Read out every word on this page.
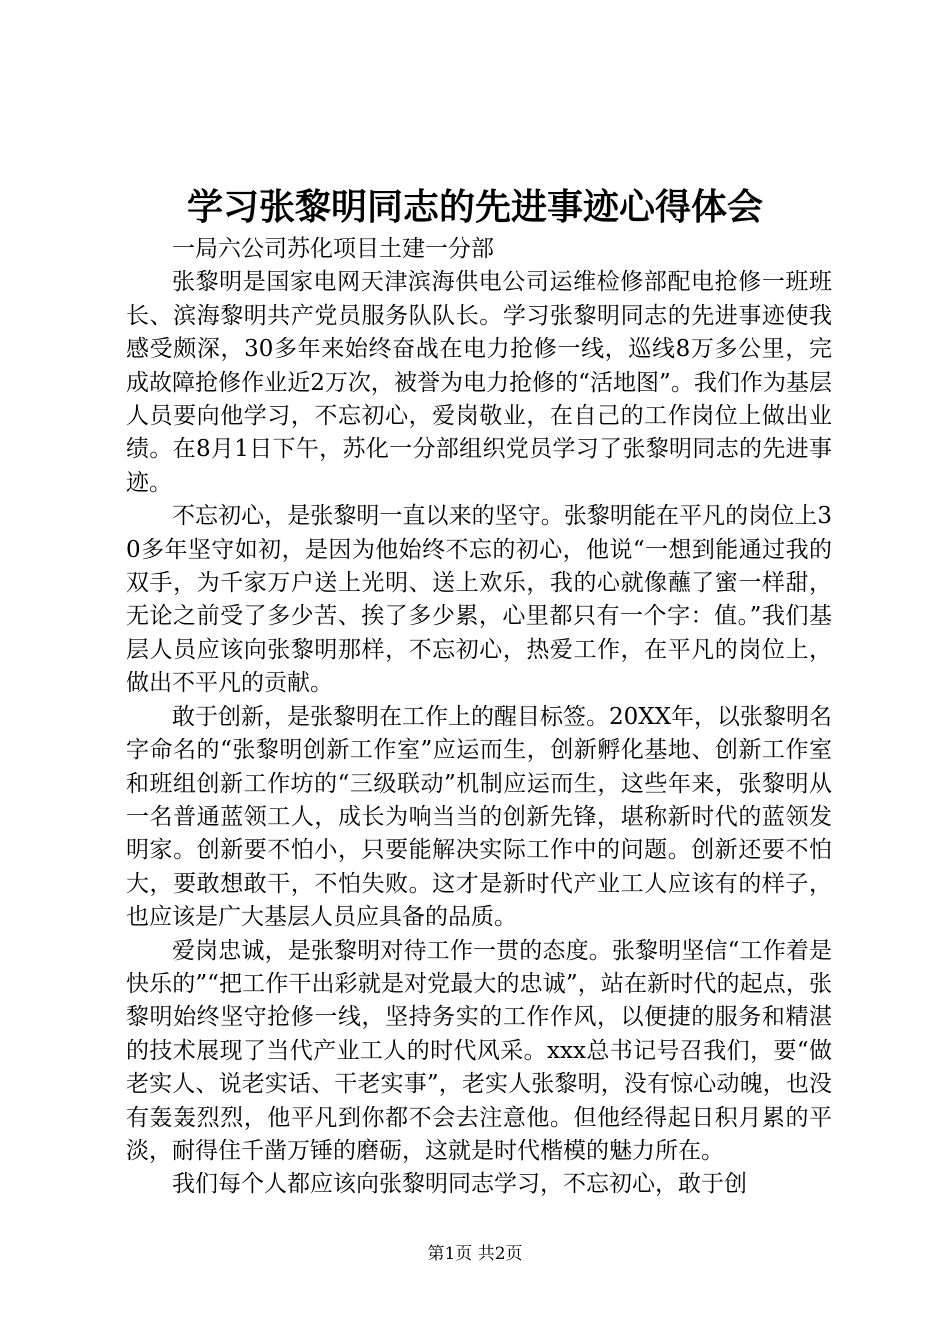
学习张黎明同志的先进事迹心得体会

一局六公司苏化项目土建一分部

张黎明是国家电网天津滨海供电公司运维检修部配电抢修一班班长、滨海黎明共产党员服务队队长。学习张黎明同志的先进事迹使我感受颇深，30多年来始终奋战在电力抢修一线，巡线8万多公里，完成故障抢修作业近2万次，被誉为电力抢修的“活地图”。我们作为基层人员要向他学习，不忘初心，爱岗敬业，在自己的工作岗位上做出业绩。在8月1日下午，苏化一分部组织党员学习了张黎明同志的先进事迹。

不忘初心，是张黎明一直以来的坚守。张黎明能在平凡的岗位上30多年坚守如初，是因为他始终不忘的初心，他说“一想到能通过我的双手，为千家万户送上光明、送上欢乐，我的心就像蘸了蜜一样甜，无论之前受了多少苦、挨了多少累，心里都只有一个字：值。”我们基层人员应该向张黎明那样，不忘初心，热爱工作，在平凡的岗位上，做出不平凡的贡献。

敢于创新，是张黎明在工作上的醒目标签。20XX年，以张黎明名字命名的“张黎明创新工作室”应运而生，创新孵化基地、创新工作室和班组创新工作坊的“三级联动”机制应运而生，这些年来，张黎明从一名普通蓝领工人，成长为响当当的创新先锋，堪称新时代的蓝领发明家。创新要不怕小，只要能解决实际工作中的问题。创新还要不怕大，要敢想敢干，不怕失败。这才是新时代产业工人应该有的样子，也应该是广大基层人员应具备的品质。

爱岗忠诚，是张黎明对待工作一贯的态度。张黎明坚信“工作着是快乐的”“把工作干出彩就是对党最大的忠诚”，站在新时代的起点，张黎明始终坚守抢修一线，坚持务实的工作作风，以便捷的服务和精湛的技术展现了当代产业工人的时代风采。xxx总书记号召我们，要“做老实人、说老实话、干老实事”，老实人张黎明，没有惊心动魄，也没有轰轰烈烈，他平凡到你都不会去注意他。但他经得起日积月累的平淡，耐得住千凿万锤的磨砺，这就是时代楷模的魅力所在。

我们每个人都应该向张黎明同志学习，不忘初心，敢于创

第1页 共2页
